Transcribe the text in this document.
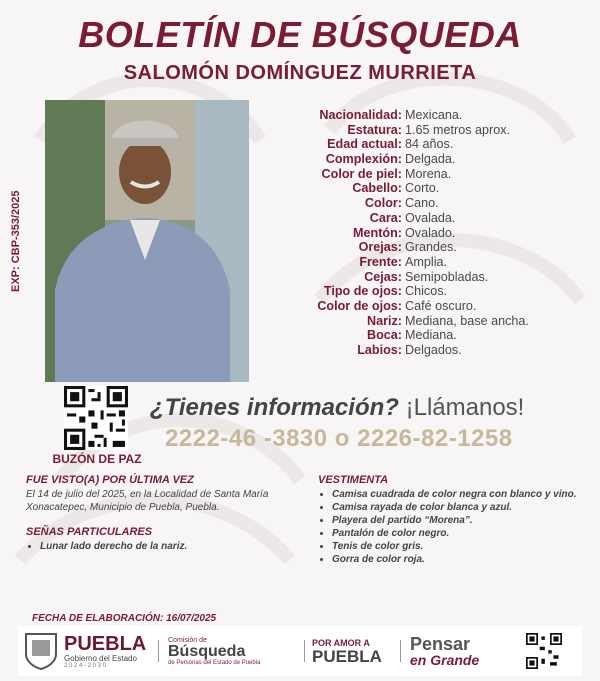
BOLETÍN DE BÚSQUEDA
SALOMÓN DOMÍNGUEZ MURRIETA
EXP: CBP-353/2025
Nacionalidad: Mexicana.
Estatura: 1.65 metros aprox.
Edad actual: 84 años.
Complexión: Delgada.
Color de piel: Morena.
Cabello: Corto.
Color: Cano.
Cara: Ovalada.
Mentón: Ovalado.
Orejas: Grandes.
Frente: Amplia.
Cejas: Semipobladas.
Tipo de ojos: Chicos.
Color de ojos: Café oscuro.
Nariz: Mediana, base ancha.
Boca: Mediana.
Labios: Delgados.
BUZÓN DE PAZ
¿Tienes información? ¡Llámanos!
2222-46 -3830 o 2226-82-1258
FUE VISTO(A) POR ÚLTIMA VEZ
El 14 de julio del 2025, en la Localidad de Santa María Xonacatepec, Municipio de Puebla, Puebla.
SEÑAS PARTICULARES
• Lunar lado derecho de la nariz.
VESTIMENTA
• Camisa cuadrada de color negra con blanco y vino.
• Camisa rayada de color blanca y azul.
• Playera del partido “Morena”.
• Pantalón de color negro.
• Tenis de color gris.
• Gorra de color roja.
FECHA DE ELABORACIÓN: 16/07/2025
PUEBLA
Gobierno del Estado
2 0 2 4 - 2 0 3 0
Comisión de
Búsqueda
de Personas del Estado de Puebla
POR AMOR A
PUEBLA
Pensar
en Grande
